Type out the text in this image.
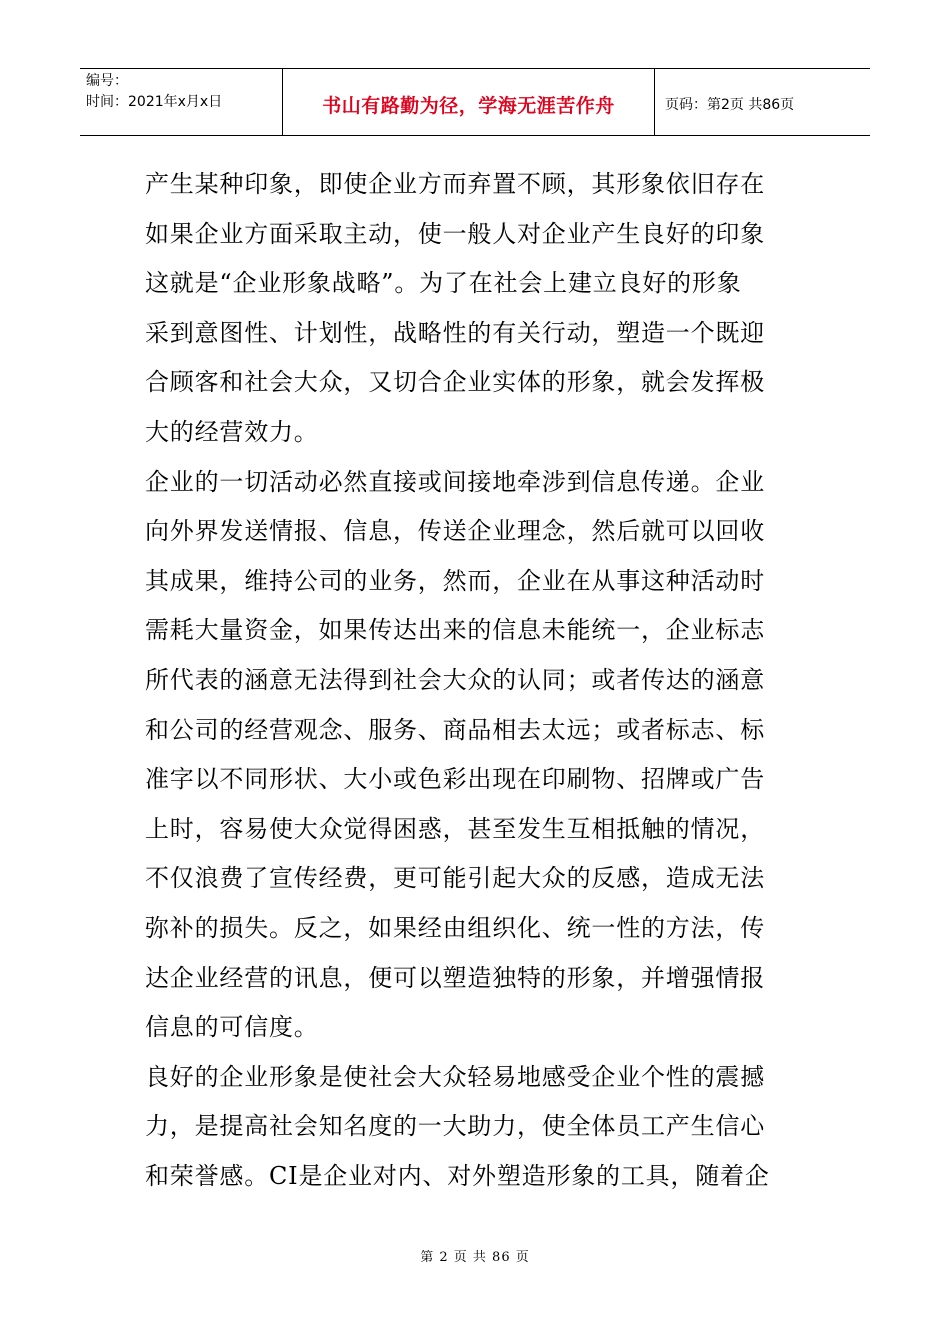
编号：
时间：2021年x月x日	书山有路勤为径，学海无涯苦作舟	页码：第2页 共86页
产生某种印象，即使企业方而弃置不顾，其形象依旧存在
如果企业方面采取主动，使一般人对企业产生良好的印象
这就是“企业形象战略”。为了在社会上建立良好的形象
采到意图性、计划性，战略性的有关行动，塑造一个既迎
合顾客和社会大众，又切合企业实体的形象，就会发挥极
大的经营效力。
企业的一切活动必然直接或间接地牵涉到信息传递。企业
向外界发送情报、信息，传送企业理念，然后就可以回收
其成果，维持公司的业务，然而，企业在从事这种活动时
需耗大量资金，如果传达出来的信息未能统一，企业标志
所代表的涵意无法得到社会大众的认同；或者传达的涵意
和公司的经营观念、服务、商品相去太远；或者标志、标
准字以不同形状、大小或色彩出现在印刷物、招牌或广告
上时，容易使大众觉得困惑，甚至发生互相抵触的情况，
不仅浪费了宣传经费，更可能引起大众的反感，造成无法
弥补的损失。反之，如果经由组织化、统一性的方法，传
达企业经营的讯息，便可以塑造独特的形象，并增强情报
信息的可信度。
良好的企业形象是使社会大众轻易地感受企业个性的震撼
力，是提高社会知名度的一大助力，使全体员工产生信心
和荣誉感。CI是企业对内、对外塑造形象的工具，随着企
第 2 页 共 86 页
